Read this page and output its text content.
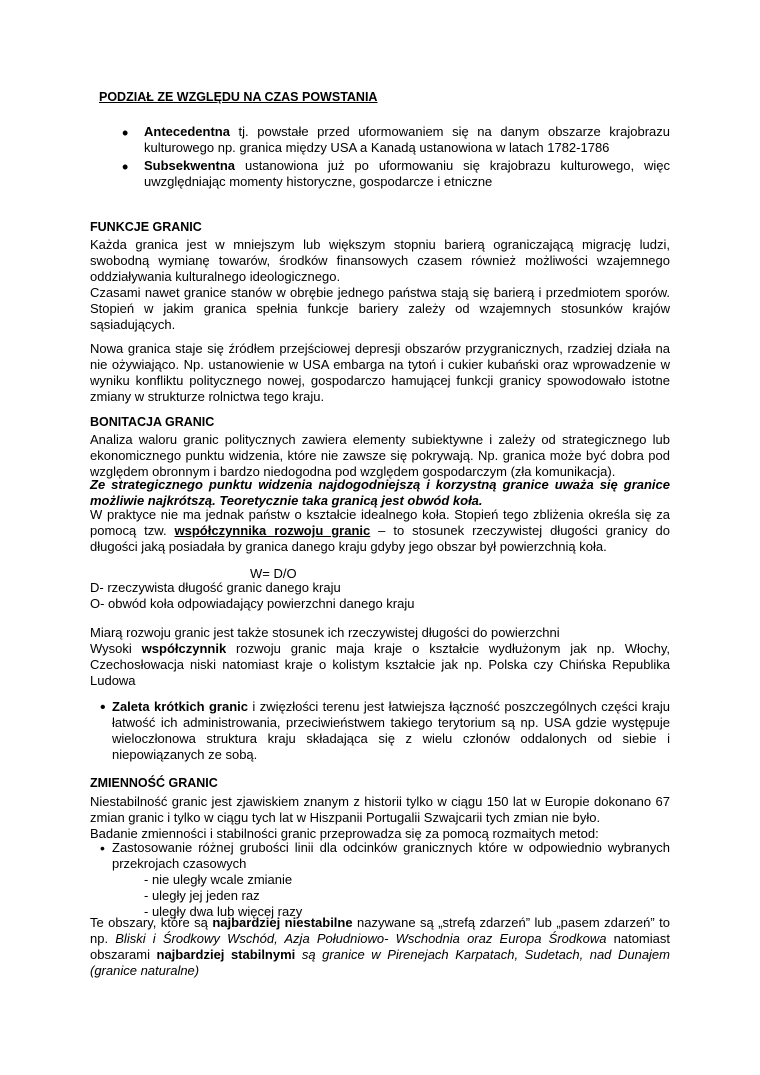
PODZIAŁ ZE WZGLĘDU NA CZAS POWSTANIA
• Antecedentna tj. powstałe przed uformowaniem się na danym obszarze krajobrazu kulturowego np. granica między USA a Kanadą ustanowiona w latach 1782-1786

• Subsekwentna ustanowiona już po uformowaniu się krajobrazu kulturowego, więc uwzględniając momenty historyczne, gospodarcze i etniczne

FUNKCJE GRANIC

Każda granica jest w mniejszym lub większym stopniu barierą ograniczającą migrację ludzi, swobodną wymianę towarów, środków finansowych czasem również możliwości wzajemnego oddziaływania kulturalnego ideologicznego.

Czasami nawet granice stanów w obrębie jednego państwa stają się barierą i przedmiotem sporów. Stopień w jakim granica spełnia funkcje bariery zależy od wzajemnych stosunków krajów sąsiadujących.

Nowa granica staje się źródłem przejściowej depresji obszarów przygranicznych, rzadziej działa na nie ożywiająco. Np. ustanowienie w USA embarga na tytoń i cukier kubański oraz wprowadzenie w wyniku konfliktu politycznego nowej, gospodarczo hamującej funkcji granicy spowodowało istotne zmiany w strukturze rolnictwa tego kraju.

BONITACJA GRANIC

Analiza waloru granic politycznych zawiera elementy subiektywne i zależy od strategicznego lub ekonomicznego punktu widzenia, które nie zawsze się pokrywają. Np. granica może być dobra pod względem obronnym i bardzo niedogodna pod względem gospodarczym (zła komunikacja).

Ze strategicznego punktu widzenia najdogodniejszą i korzystną granice uważa się granice możliwie najkrótszą. Teoretycznie taka granicą jest obwód koła.

W praktyce nie ma jednak państw o kształcie idealnego koła. Stopień tego zbliżenia określa się za pomocą tzw. współczynnika rozwoju granic – to stosunek rzeczywistej długości granicy do długości jaką posiadała by granica danego kraju gdyby jego obszar był powierzchnią koła.

W= D/O
D- rzeczywista długość granic danego kraju
O- obwód koła odpowiadający powierzchni danego kraju

Miarą rozwoju granic jest także stosunek ich rzeczywistej długości do powierzchni

Wysoki współczynnik rozwoju granic maja kraje o kształcie wydłużonym jak np. Włochy, Czechosłowacja niski natomiast kraje o kolistym kształcie jak np. Polska czy Chińska Republika Ludowa

• Zaleta krótkich granic i zwięzłości terenu jest łatwiejsza łączność poszczególnych części kraju łatwość ich administrowania, przeciwieństwem takiego terytorium są np. USA gdzie występuje wieloczłonowa struktura kraju składająca się z wielu członów oddalonych od siebie i niepowiązanych ze sobą.

ZMIENNOŚĆ GRANIC

Niestabilność granic jest zjawiskiem znanym z historii tylko w ciągu 150 lat w Europie dokonano 67 zmian granic i tylko w ciągu tych lat w Hiszpanii Portugalii Szwajcarii tych zmian nie było.

Badanie zmienności i stabilności granic przeprowadza się za pomocą rozmaitych metod:

• Zastosowanie różnej grubości linii dla odcinków granicznych które w odpowiednio wybranych przekrojach czasowych

- nie uległy wcale zmianie
- uległy jej jeden raz
- uległy dwa lub więcej razy

Te obszary, które są najbardziej niestabilne nazywane są „strefą zdarzeń” lub „pasem zdarzeń” to np. Bliski i Środkowy Wschód, Azja Południowo- Wschodnia oraz Europa Środkowa natomiast obszarami najbardziej stabilnymi są granice w Pirenejach Karpatach, Sudetach, nad Dunajem (granice naturalne)
